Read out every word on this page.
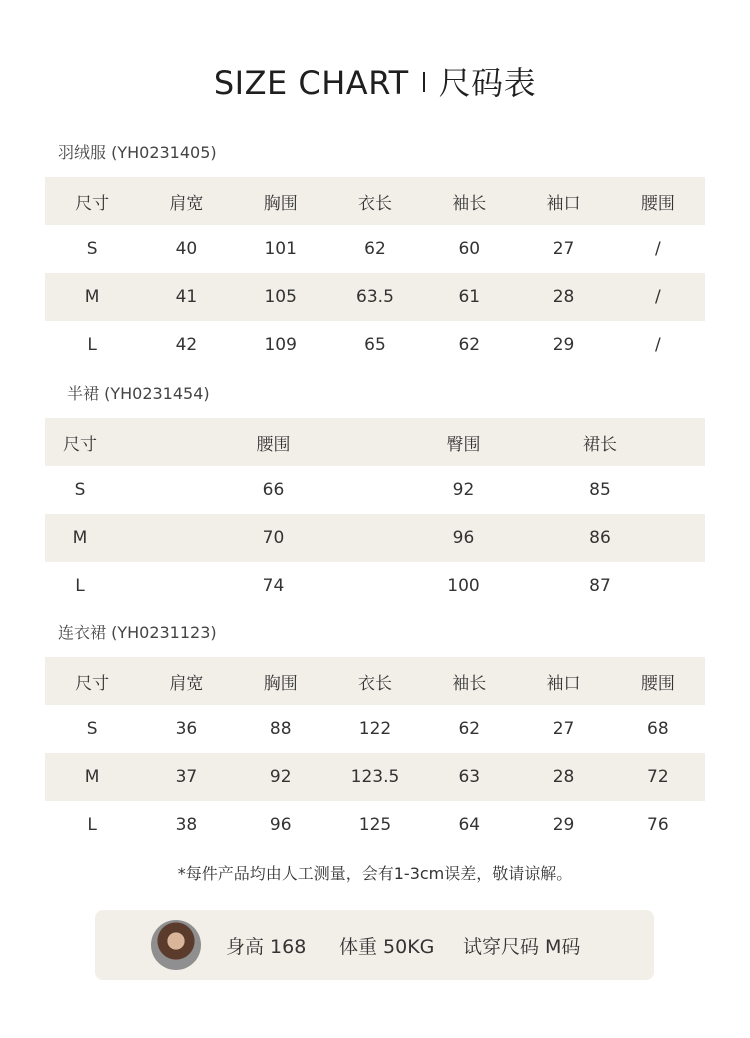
SIZE CHART 尺码表
羽绒服 (YH0231405)
尺寸	肩宽	胸围	衣长	袖长	袖口	腰围
S	40	101	62	60	27	/
M	41	105	63.5	61	28	/
L	42	109	65	62	29	/
半裙 (YH0231454)
尺寸	腰围	臀围	裙长
S	66	92	85
M	70	96	86
L	74	100	87
连衣裙 (YH0231123)
尺寸	肩宽	胸围	衣长	袖长	袖口	腰围
S	36	88	122	62	27	68
M	37	92	123.5	63	28	72
L	38	96	125	64	29	76
*每件产品均由人工测量，会有1-3cm误差，敬请谅解。
身高 168 体重 50KG 试穿尺码 M码
